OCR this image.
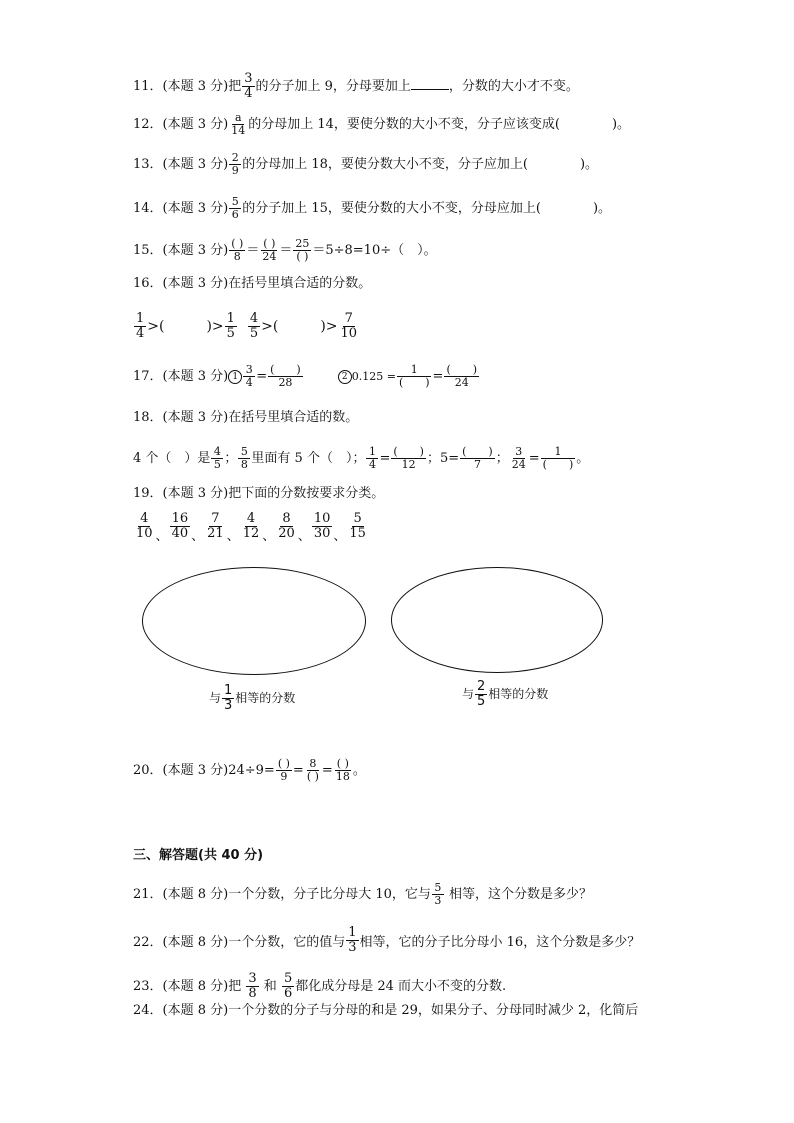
11．(本题 3 分)把 $\frac{3}{4}$ 的分子加上 9，分母要加上	，分数的大小才不变。
12．(本题 3 分) $\frac{a}{14}$ 的分母加上 14，要使分数的大小不变，分子应该变成(　　　　)。
13．(本题 3 分) $\frac{2}{9}$ 的分母加上 18，要使分数大小不变，分子应加上(　　　　)。
14．(本题 3 分) $\frac{5}{6}$ 的分子加上 15，要使分数的大小不变，分母应加上(　　　　)。
15．(本题 3 分) $\frac{( )}{8} = \frac{( )}{24} = \frac{25}{( )} =5\div 8=10\div$（　）。
16．(本题 3 分)在括号里填合适的分数。
$\frac{1}{4}$ >(　　　)> $\frac{1}{5}$
$\frac{4}{5}$ >(　　　)> $\frac{7}{10}$
17．(本题 3 分) $1 \frac{3}{4} = \frac{( )}{28}$	2 $0.125 = \frac{1}{( )} = \frac{( )}{24}$
18．(本题 3 分)在括号里填合适的数。
4 个（　）是 $\frac{4}{5}$ ； $\frac{5}{8}$ 里面有 5 个（　）； $\frac{1}{4} = \frac{( )}{12}$ ；$5= \frac{( )}{7}$ ； $\frac{3}{24} = \frac{1}{( )}$ 。
19．(本题 3 分)把下面的分数按要求分类。
$\frac{4}{10}$ 、 $\frac{16}{40}$ 、 $\frac{7}{21}$ 、 $\frac{4}{12}$ 、 $\frac{8}{20}$ 、 $\frac{10}{30}$ 、 $\frac{5}{15}$
与 $\frac{1}{3}$ 相等的分数	与 $\frac{2}{5}$ 相等的分数
20．(本题 3 分)$24\div 9= \frac{( )}{9} = \frac{8}{( )} = \frac{( )}{18}$ 。
三、解答题(共 40 分)
21．(本题 8 分)一个分数，分子比分母大 10，它与 $\frac{5}{3}$ 相等，这个分数是多少？
22．(本题 8 分)一个分数，它的值与 $\frac{1}{3}$ 相等，它的分子比分母小 16，这个分数是多少？
23．(本题 8 分)把 $\frac{3}{8}$ 和 $\frac{5}{6}$ 都化成分母是 24 而大小不变的分数.
24．(本题 8 分)一个分数的分子与分母的和是 29，如果分子、分母同时减少 2，化简后
